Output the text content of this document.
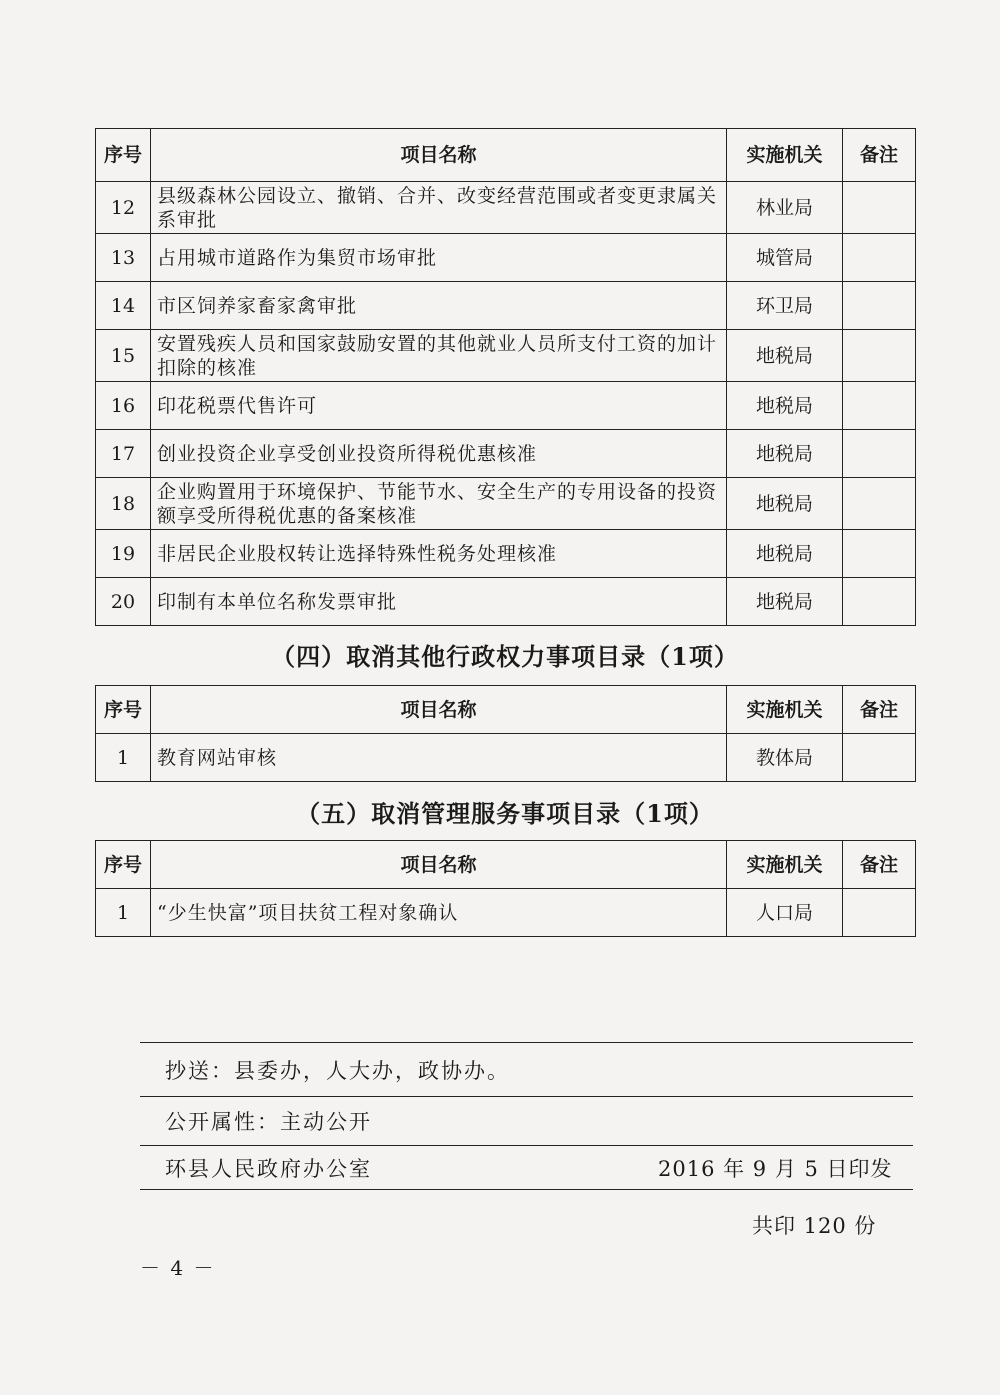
序号	项目名称	实施机关	备注
12	县级森林公园设立、撤销、合并、改变经营范围或者变更隶属关系审批	林业局	
13	占用城市道路作为集贸市场审批	城管局	
14	市区饲养家畜家禽审批	环卫局	
15	安置残疾人员和国家鼓励安置的其他就业人员所支付工资的加计扣除的核准	地税局	
16	印花税票代售许可	地税局	
17	创业投资企业享受创业投资所得税优惠核准	地税局	
18	企业购置用于环境保护、节能节水、安全生产的专用设备的投资额享受所得税优惠的备案核准	地税局	
19	非居民企业股权转让选择特殊性税务处理核准	地税局	
20	印制有本单位名称发票审批	地税局	
（四）取消其他行政权力事项目录（1项）
序号	项目名称	实施机关	备注
1	教育网站审核	教体局	
（五）取消管理服务事项目录（1项）
序号	项目名称	实施机关	备注
1	“少生快富”项目扶贫工程对象确认	人口局	
抄送：县委办，人大办，政协办。
公开属性：主动公开
环县人民政府办公室	2016 年 9 月 5 日印发
共印 120 份
－ 4 －
